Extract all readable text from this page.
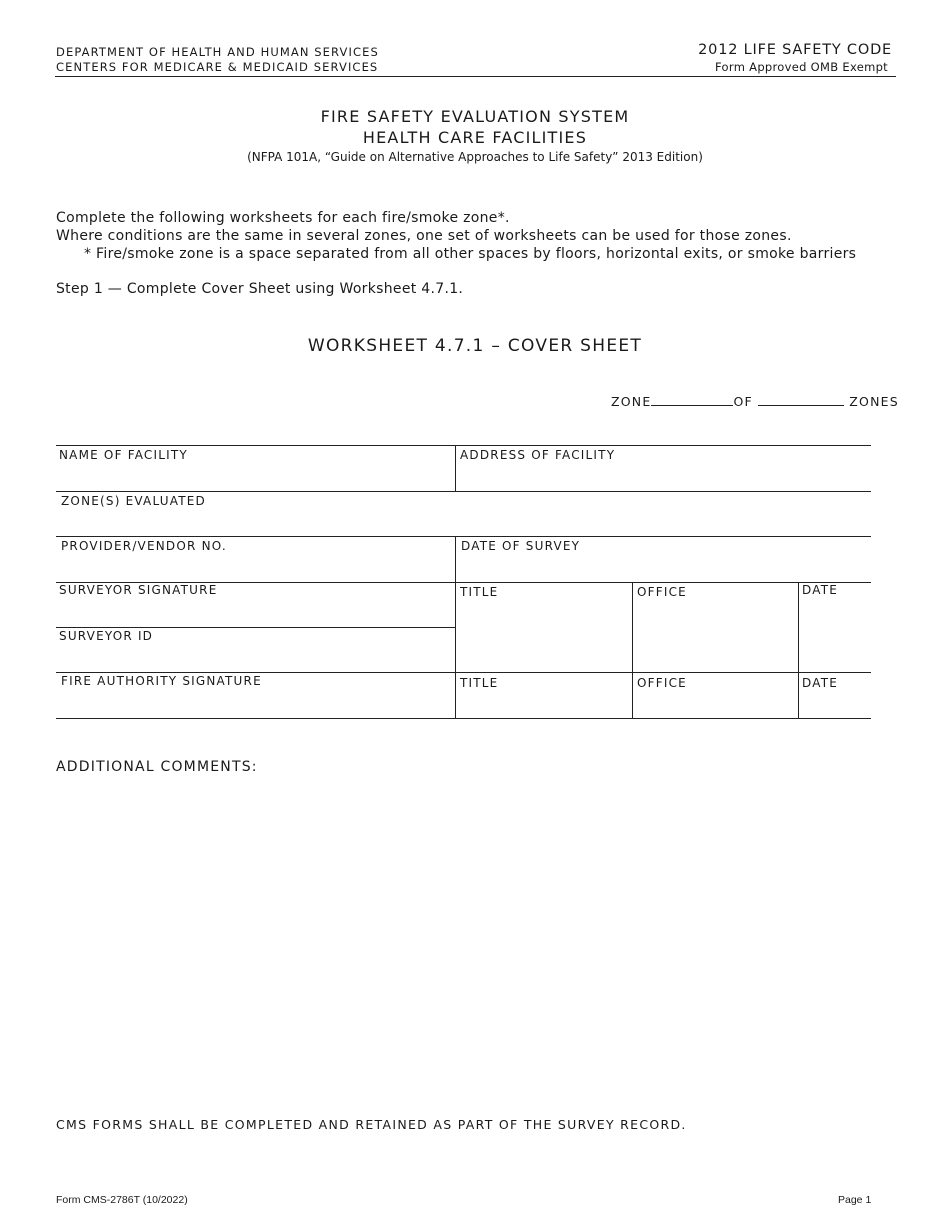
DEPARTMENT OF HEALTH AND HUMAN SERVICES
CENTERS FOR MEDICARE & MEDICAID SERVICES
2012 LIFE SAFETY CODE
Form Approved OMB Exempt
FIRE SAFETY EVALUATION SYSTEM
HEALTH CARE FACILITIES
(NFPA 101A, “Guide on Alternative Approaches to Life Safety” 2013 Edition)
Complete the following worksheets for each fire/smoke zone*.
Where conditions are the same in several zones, one set of worksheets can be used for those zones.
* Fire/smoke zone is a space separated from all other spaces by floors, horizontal exits, or smoke barriers
Step 1 — Complete Cover Sheet using Worksheet 4.7.1.
WORKSHEET 4.7.1 – COVER SHEET
ZONE	OF	ZONES
NAME OF FACILITY	ADDRESS OF FACILITY
ZONE(S) EVALUATED
PROVIDER/VENDOR NO.	DATE OF SURVEY
SURVEYOR SIGNATURE
SURVEYOR ID
TITLE	OFFICE	DATE
FIRE AUTHORITY SIGNATURE	TITLE	OFFICE	DATE
ADDITIONAL COMMENTS:
CMS FORMS SHALL BE COMPLETED AND RETAINED AS PART OF THE SURVEY RECORD.
Form CMS-2786T (10/2022)	Page 1
